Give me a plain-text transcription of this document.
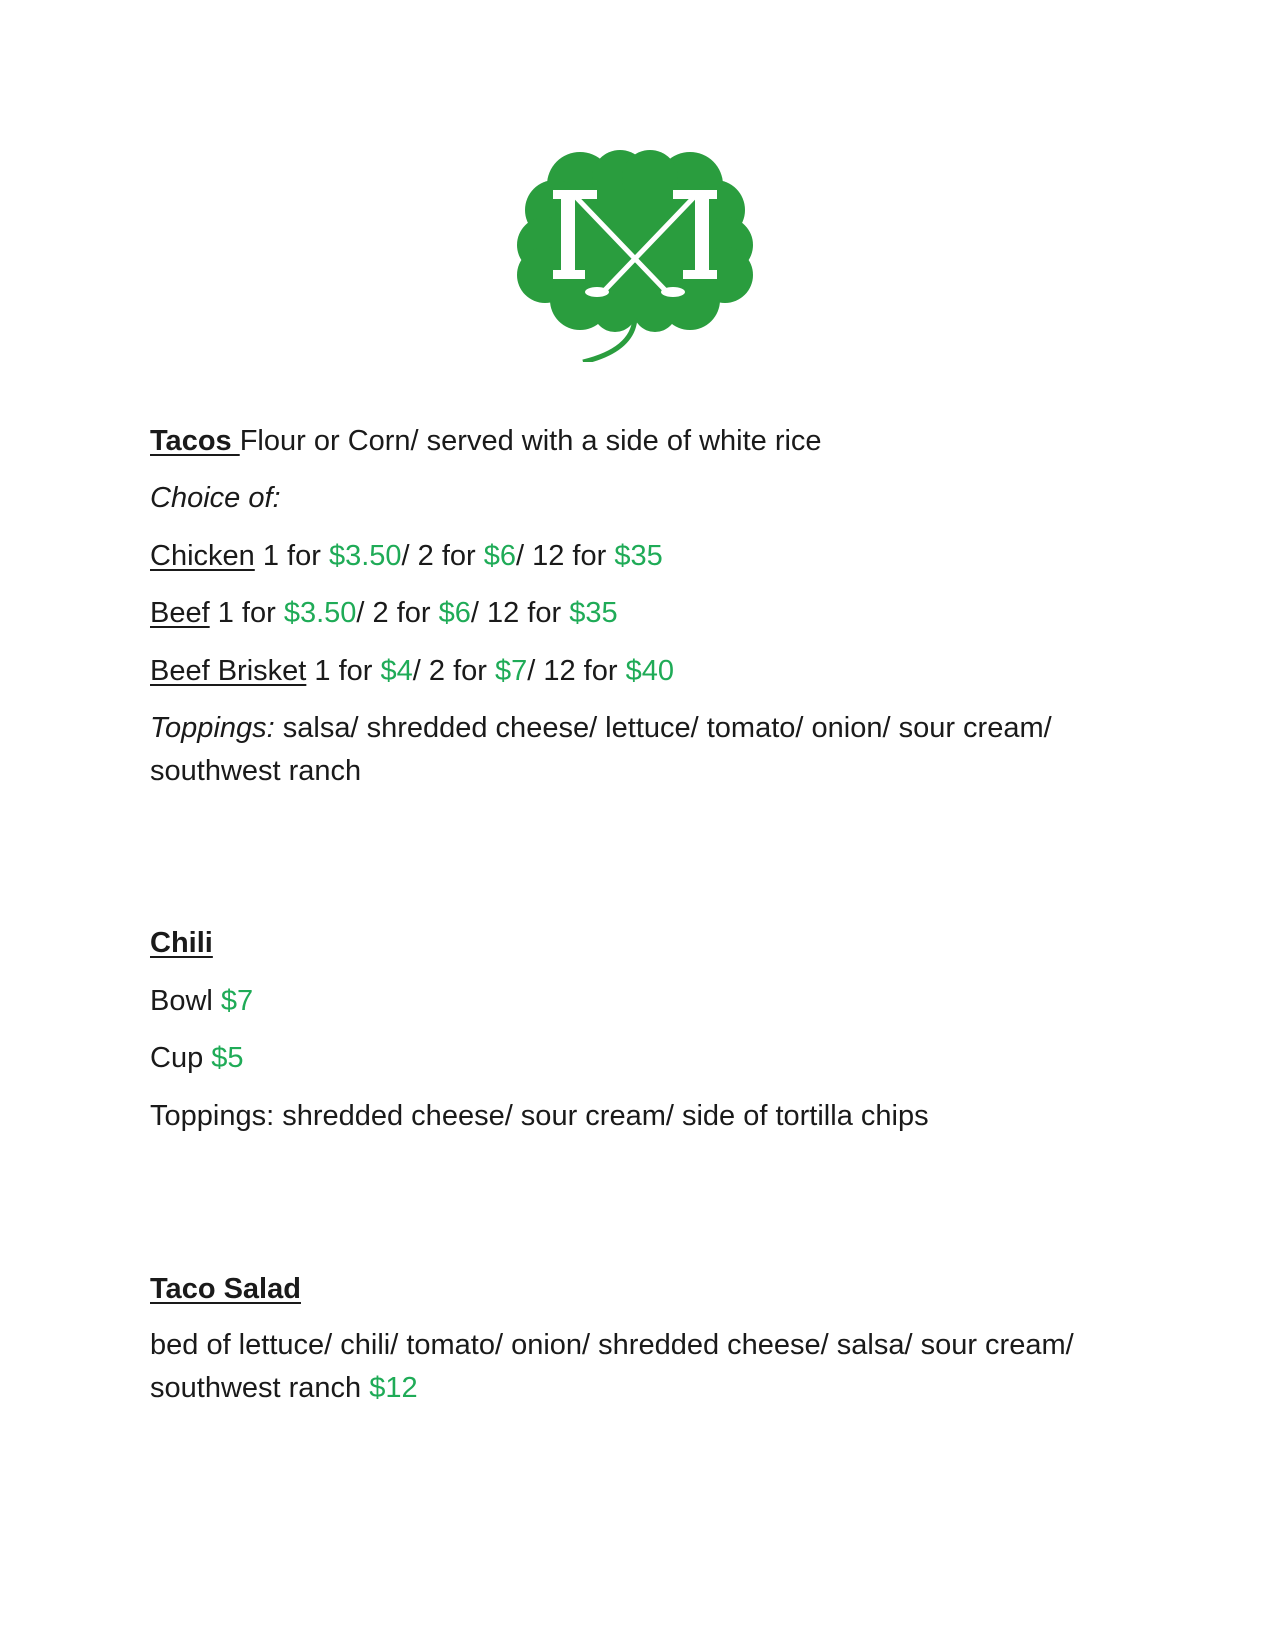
Tacos Flour or Corn/ served with a side of white rice
Choice of:
Chicken 1 for $3.50/ 2 for $6/ 12 for $35
Beef 1 for $3.50/ 2 for $6/ 12 for $35
Beef Brisket 1 for $4/ 2 for $7/ 12 for $40
Toppings: salsa/ shredded cheese/ lettuce/ tomato/ onion/ sour cream/ southwest ranch
Chili
Bowl $7
Cup $5
Toppings: shredded cheese/ sour cream/ side of tortilla chips
Taco Salad
bed of lettuce/ chili/ tomato/ onion/ shredded cheese/ salsa/ sour cream/ southwest ranch $12
